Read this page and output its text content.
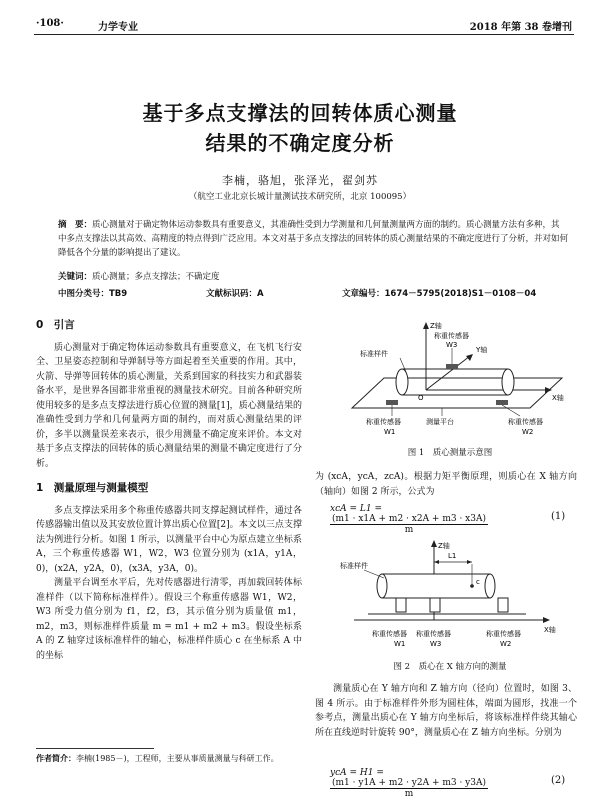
·108·	力学专业	2018 年第 38 卷增刊
基于多点支撑法的回转体质心测量
结果的不确定度分析
李楠，骆旭，张泽光，翟剑苏
（航空工业北京长城计量测试技术研究所，北京 100095）
摘　要：质心测量对于确定物体运动参数具有重要意义，其准确性受到力学测量和几何量测量两方面的制约。质心测量方法有多种，其中多点支撑法以其高效、高精度的特点得到广泛应用。本文对基于多点支撑法的回转体的质心测量结果的不确定度进行了分析，并对如何降低各个分量的影响提出了建议。
关键词：质心测量；多点支撑法；不确定度
中图分类号：TB9	文献标识码：A	文章编号：1674－5795(2018)S1－0108－04
0　引言

质心测量对于确定物体运动参数具有重要意义，在飞机飞行安全、卫星姿态控制和导弹制导等方面起着至关重要的作用。其中，火箭、导弹等回转体的质心测量，关系到国家的科技实力和武器装备水平，是世界各国都非常重视的测量技术研究。目前各种研究所使用较多的是多点支撑法进行质心位置的测量[1]，质心测量结果的准确性受到力学和几何量两方面的制约，而对质心测量结果的评价，多半以测量误差来表示，很少用测量不确定度来评价。本文对基于多点支撑法的回转体的质心测量结果的测量不确定度进行了分析。

1　测量原理与测量模型

多点支撑法采用多个称重传感器共同支撑起测试样件，通过各传感器输出值以及其安放位置计算出质心位置[2]。本文以三点支撑法为例进行分析。如图 1 所示，以测量平台中心为原点建立坐标系 A，三个称重传感器 W1，W2，W3 位置分别为 (x1A，y1A，0)，(x2A，y2A，0)，(x3A，y3A，0)。

测量平台调至水平后，先对传感器进行清零，再加载回转体标准样件（以下简称标准样件）。假设三个称重传感器 W1，W2，W3 所受力值分别为 f1，f2，f3，其示值分别为质量值 m1，m2，m3，则标准样件质量 m = m1 + m2 + m3。假设坐标系 A 的 Z 轴穿过该标准样件的轴心，标准样件质心 c 在坐标系 A 中的坐标

Z轴
Y轴
X轴
称重传感器
W3
标准样件
称重传感器
W1
测量平台
O
称重传感器
W2
图 1　质心测量示意图
为 (xcA，ycA，zcA)。根据力矩平衡原理，则质心在 X 轴方向（轴向）如图 2 所示，公式为
xcA = L1 =
$\frac{(m1 \cdot x1A + m2 \cdot x2A + m3 \cdot x3A)}{m}$	(1)
Z轴
X轴
c
L1
标准样件
称重传感器 称重传感器	称重传感器
W1	W3	W2
图 2　质心在 X 轴方向的测量

测量质心在 Y 轴方向和 Z 轴方向（径向）位置时，如图 3、图 4 所示。由于标准样件外形为圆柱体，端面为圆形，找准一个参考点，测量出质心在 Y 轴方向坐标后，将该标准样件绕其轴心所在直线逆时针旋转 90°，测量质心在 Z 轴方向坐标。分别为

ycA = H1 =
$\frac{(m1 \cdot y1A + m2 \cdot y2A + m3 \cdot y3A)}{m}$	(2)
作者简介：李楠(1985－)，工程师，主要从事质量测量与科研工作。
